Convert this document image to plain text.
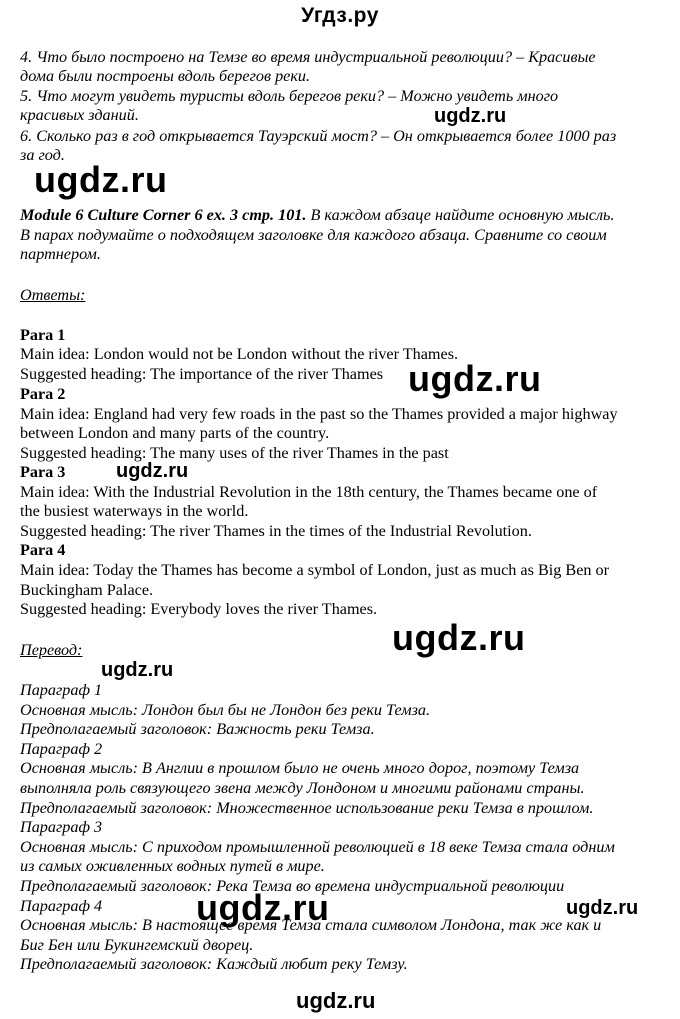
Угдз.ру
4. Что было построено на Темзе во время индустриальной революции? – Красивые
дома были построены вдоль берегов реки.
5. Что могут увидеть туристы вдоль берегов реки? – Можно увидеть много
красивых зданий.
6. Сколько раз в год открывается Тауэрский мост? – Он открывается более 1000 раз
за год.
Module 6 Culture Corner 6 ex. 3 стр. 101. В каждом абзаце найдите основную мысль.
В парах подумайте о подходящем заголовке для каждого абзаца. Сравните со своим
партнером.
Ответы:
Para 1
Main idea: London would not be London without the river Thames.
Suggested heading: The importance of the river Thames
Para 2
Main idea: England had very few roads in the past so the Thames provided a major highway
between London and many parts of the country.
Suggested heading: The many uses of the river Thames in the past
Para 3
Main idea: With the Industrial Revolution in the 18th century, the Thames became one of
the busiest waterways in the world.
Suggested heading: The river Thames in the times of the Industrial Revolution.
Para 4
Main idea: Today the Thames has become a symbol of London, just as much as Big Ben or
Buckingham Palace.
Suggested heading: Everybody loves the river Thames.
Перевод:
Параграф 1
Основная мысль: Лондон был бы не Лондон без реки Темза.
Предполагаемый заголовок: Важность реки Темза.
Параграф 2
Основная мысль: В Англии в прошлом было не очень много дорог, поэтому Темза
выполняла роль связующего звена между Лондоном и многими районами страны.
Предполагаемый заголовок: Множественное использование реки Темза в прошлом.
Параграф 3
Основная мысль: С приходом промышленной революцией в 18 веке Темза стала одним
из самых оживленных водных путей в мире.
Предполагаемый заголовок: Река Темза во времена индустриальной революции
Параграф 4
Основная мысль: В настоящее время Темза стала символом Лондона, так же как и
Биг Бен или Букингемский дворец.
Предполагаемый заголовок: Каждый любит реку Темзу.
ugdz.ru
ugdz.ru
ugdz.ru
ugdz.ru
ugdz.ru
ugdz.ru
ugdz.ru	ugdz.ru
ugdz.ru
